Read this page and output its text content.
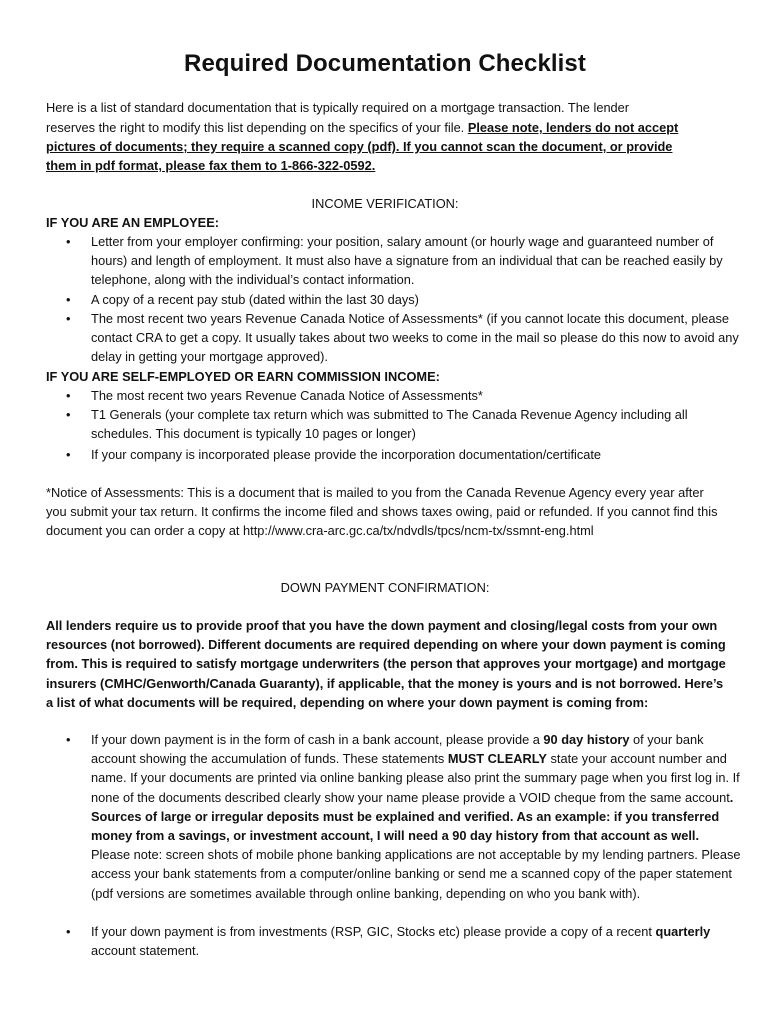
Required Documentation Checklist
Here is a list of standard documentation that is typically required on a mortgage transaction. The lender
reserves the right to modify this list depending on the specifics of your file. Please note, lenders do not accept
pictures of documents; they require a scanned copy (pdf). If you cannot scan the document, or provide
them in pdf format, please fax them to 1-866-322-0592.
INCOME VERIFICATION:
IF YOU ARE AN EMPLOYEE:
• Letter from your employer confirming: your position, salary amount (or hourly wage and guaranteed number of hours) and length of employment. It must also have a signature from an individual that can be reached easily by telephone, along with the individual’s contact information.
• A copy of a recent pay stub (dated within the last 30 days)
• The most recent two years Revenue Canada Notice of Assessments* (if you cannot locate this document, please contact CRA to get a copy. It usually takes about two weeks to come in the mail so please do this now to avoid any delay in getting your mortgage approved).
IF YOU ARE SELF-EMPLOYED OR EARN COMMISSION INCOME:
• The most recent two years Revenue Canada Notice of Assessments*
• T1 Generals (your complete tax return which was submitted to The Canada Revenue Agency including all schedules. This document is typically 10 pages or longer)
• If your company is incorporated please provide the incorporation documentation/certificate
*Notice of Assessments: This is a document that is mailed to you from the Canada Revenue Agency every year after you submit your tax return. It confirms the income filed and shows taxes owing, paid or refunded. If you cannot find this document you can order a copy at http://www.cra-arc.gc.ca/tx/ndvdls/tpcs/ncm-tx/ssmnt-eng.html
DOWN PAYMENT CONFIRMATION:
All lenders require us to provide proof that you have the down payment and closing/legal costs from your own resources (not borrowed). Different documents are required depending on where your down payment is coming from. This is required to satisfy mortgage underwriters (the person that approves your mortgage) and mortgage insurers (CMHC/Genworth/Canada Guaranty), if applicable, that the money is yours and is not borrowed. Here’s a list of what documents will be required, depending on where your down payment is coming from:
• If your down payment is in the form of cash in a bank account, please provide a 90 day history of your bank account showing the accumulation of funds. These statements MUST CLEARLY state your account number and name. If your documents are printed via online banking please also print the summary page when you first log in. If none of the documents described clearly show your name please provide a VOID cheque from the same account. Sources of large or irregular deposits must be explained and verified. As an example: if you transferred money from a savings, or investment account, I will need a 90 day history from that account as well. Please note: screen shots of mobile phone banking applications are not acceptable by my lending partners. Please access your bank statements from a computer/online banking or send me a scanned copy of the paper statement (pdf versions are sometimes available through online banking, depending on who you bank with).
• If your down payment is from investments (RSP, GIC, Stocks etc) please provide a copy of a recent quarterly account statement.
